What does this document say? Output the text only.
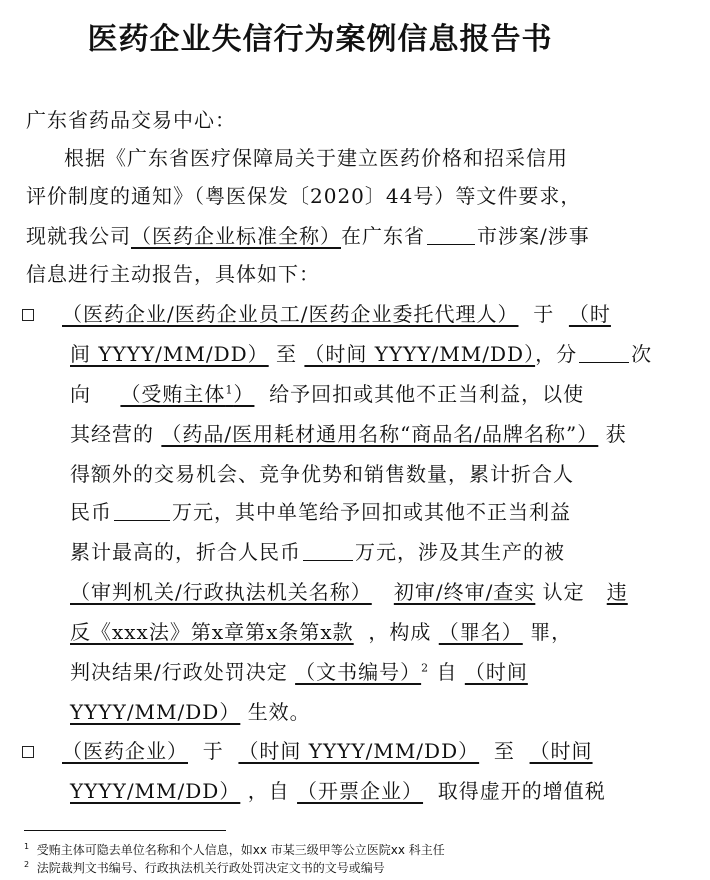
医药企业失信行为案例信息报告书
广东省药品交易中心：
根据《广东省医疗保障局关于建立医药价格和招采信用
评价制度的通知》（粤医保发〔2020〕44号）等文件要求，
现就我公司（医药企业标准全称）在广东省	市涉案/涉事
信息进行主动报告，具体如下：
（医药企业/医药企业员工/医药企业委托代理人） 于 （时
间 YYYY/MM/DD） 至 （时间 YYYY/MM/DD），分	次
向 （受贿主体$^1$） 给予回扣或其他不正当利益，以使
其经营的 （药品/医用耗材通用名称“商品名/品牌名称”） 获
得额外的交易机会、竞争优势和销售数量，累计折合人
民币	万元，其中单笔给予回扣或其他不正当利益
累计最高的，折合人民币	万元，涉及其生产的被
（审判机关/行政执法机关名称） 初审/终审/查实 认定 违
反《xxx法》第x章第x条第x款 ，构成 （罪名） 罪，
判决结果/行政处罚决定 （文书编号）$^2$ 自 （时间
YYYY/MM/DD） 生效。
（医药企业） 于 （时间 YYYY/MM/DD） 至 （时间
YYYY/MM/DD） ，自 （开票企业） 取得虚开的增值税
$^1$ 受贿主体可隐去单位名称和个人信息，如xx 市某三级甲等公立医院xx 科主任
$^2$ 法院裁判文书编号、行政执法机关行政处罚决定文书的文号或编号
